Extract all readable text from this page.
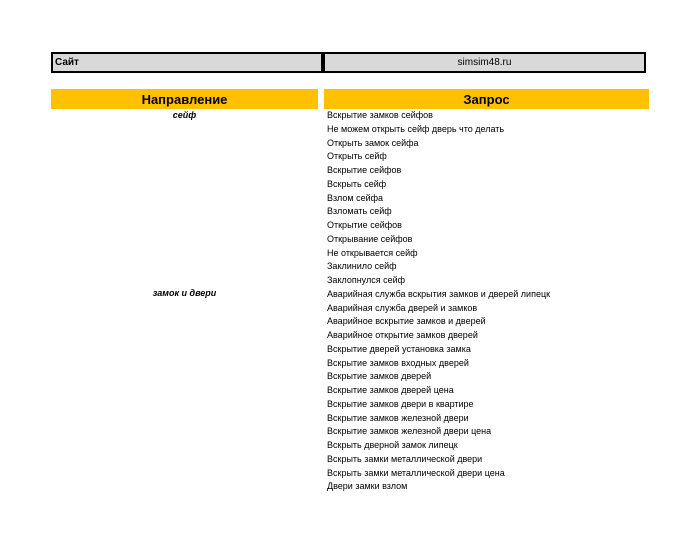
Сайт	simsim48.ru
Направление	Запрос
сейф
замок и двери
Вскрытие замков сейфов
Не можем открыть сейф дверь что делать
Открыть замок сейфа
Открыть сейф
Вскрытие сейфов
Вскрыть сейф
Взлом сейфа
Взломать сейф
Открытие сейфов
Открывание сейфов
Не открывается сейф
Заклинило сейф
Заклопнулся сейф
Аварийная служба вскрытия замков и дверей липецк
Аварийная служба дверей и замков
Аварийное вскрытие замков и дверей
Аварийное открытие замков дверей
Вскрытие дверей установка замка
Вскрытие замков входных дверей
Вскрытие замков дверей
Вскрытие замков дверей цена
Вскрытие замков двери в квартире
Вскрытие замков железной двери
Вскрытие замков железной двери цена
Вскрыть дверной замок липецк
Вскрыть замки металлической двери
Вскрыть замки металлической двери цена
Двери замки взлом
